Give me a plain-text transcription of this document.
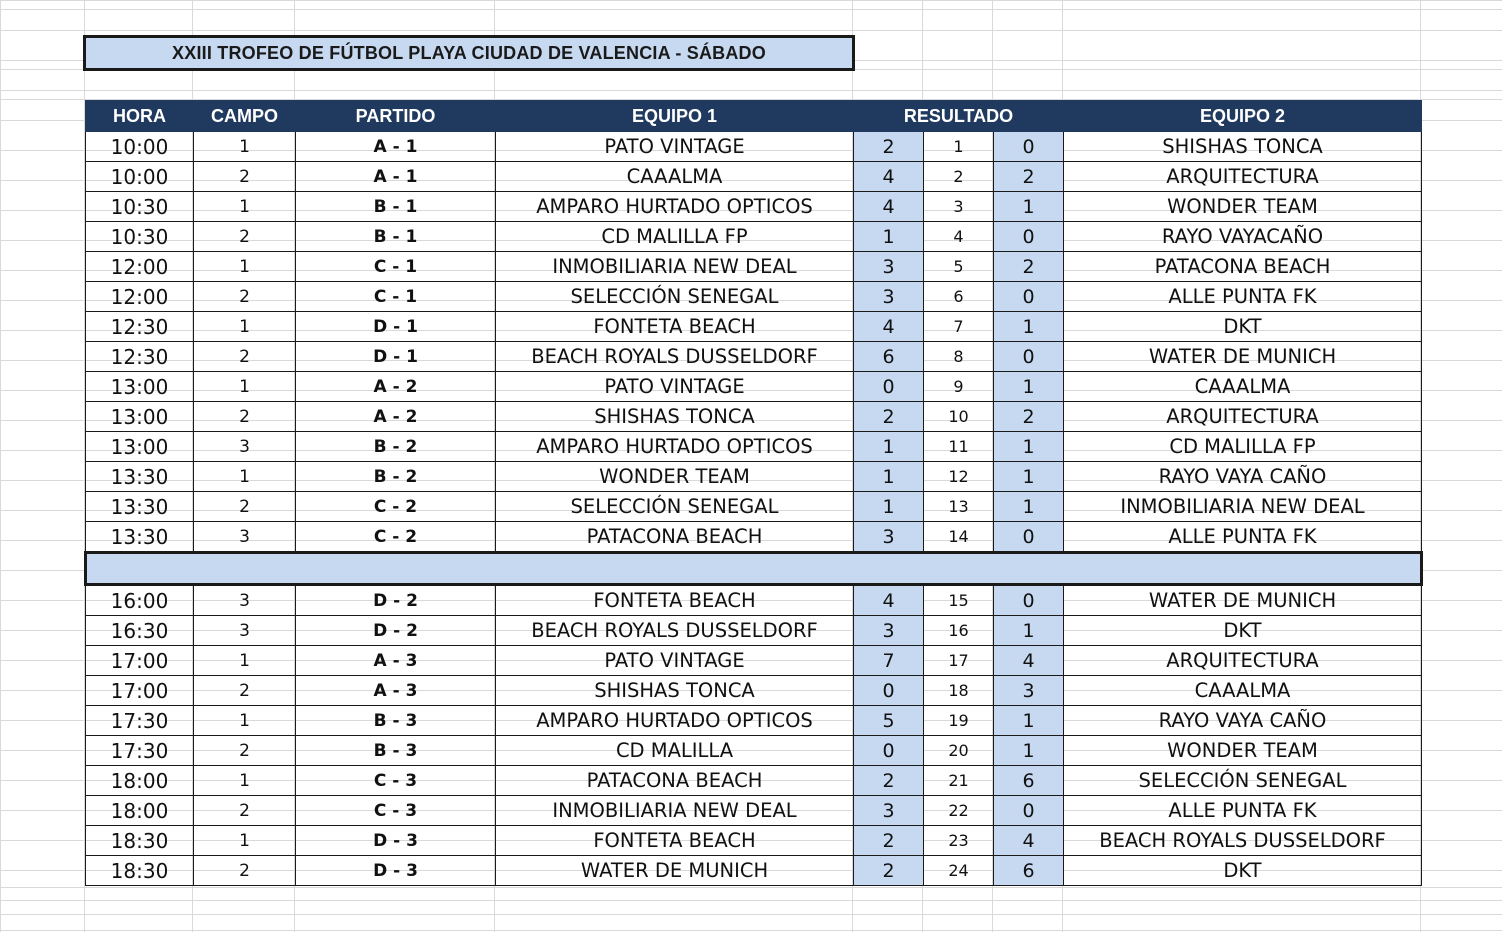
XXIII TROFEO DE FÚTBOL PLAYA CIUDAD DE VALENCIA - SÁBADO
HORA	CAMPO	PARTIDO	EQUIPO 1	RESULTADO			EQUIPO 2
10:00	1	A - 1	PATO VINTAGE	2	1	0	SHISHAS TONCA
10:00	2	A - 1	CAAALMA	4	2	2	ARQUITECTURA
10:30	1	B - 1	AMPARO HURTADO OPTICOS	4	3	1	WONDER TEAM
10:30	2	B - 1	CD MALILLA FP	1	4	0	RAYO VAYACAÑO
12:00	1	C - 1	INMOBILIARIA NEW DEAL	3	5	2	PATACONA BEACH
12:00	2	C - 1	SELECCIÓN SENEGAL	3	6	0	ALLE PUNTA FK
12:30	1	D - 1	FONTETA BEACH	4	7	1	DKT
12:30	2	D - 1	BEACH ROYALS DUSSELDORF	6	8	0	WATER DE MUNICH
13:00	1	A - 2	PATO VINTAGE	0	9	1	CAAALMA
13:00	2	A - 2	SHISHAS TONCA	2	10	2	ARQUITECTURA
13:00	3	B - 2	AMPARO HURTADO OPTICOS	1	11	1	CD MALILLA FP
13:30	1	B - 2	WONDER TEAM	1	12	1	RAYO VAYA CAÑO
13:30	2	C - 2	SELECCIÓN SENEGAL	1	13	1	INMOBILIARIA NEW DEAL
13:30	3	C - 2	PATACONA BEACH	3	14	0	ALLE PUNTA FK

16:00	3	D - 2	FONTETA BEACH	4	15	0	WATER DE MUNICH
16:30	3	D - 2	BEACH ROYALS DUSSELDORF	3	16	1	DKT
17:00	1	A - 3	PATO VINTAGE	7	17	4	ARQUITECTURA
17:00	2	A - 3	SHISHAS TONCA	0	18	3	CAAALMA
17:30	1	B - 3	AMPARO HURTADO OPTICOS	5	19	1	RAYO VAYA CAÑO
17:30	2	B - 3	CD MALILLA	0	20	1	WONDER TEAM
18:00	1	C - 3	PATACONA BEACH	2	21	6	SELECCIÓN SENEGAL
18:00	2	C - 3	INMOBILIARIA NEW DEAL	3	22	0	ALLE PUNTA FK
18:30	1	D - 3	FONTETA BEACH	2	23	4	BEACH ROYALS DUSSELDORF
18:30	2	D - 3	WATER DE MUNICH	2	24	6	DKT
